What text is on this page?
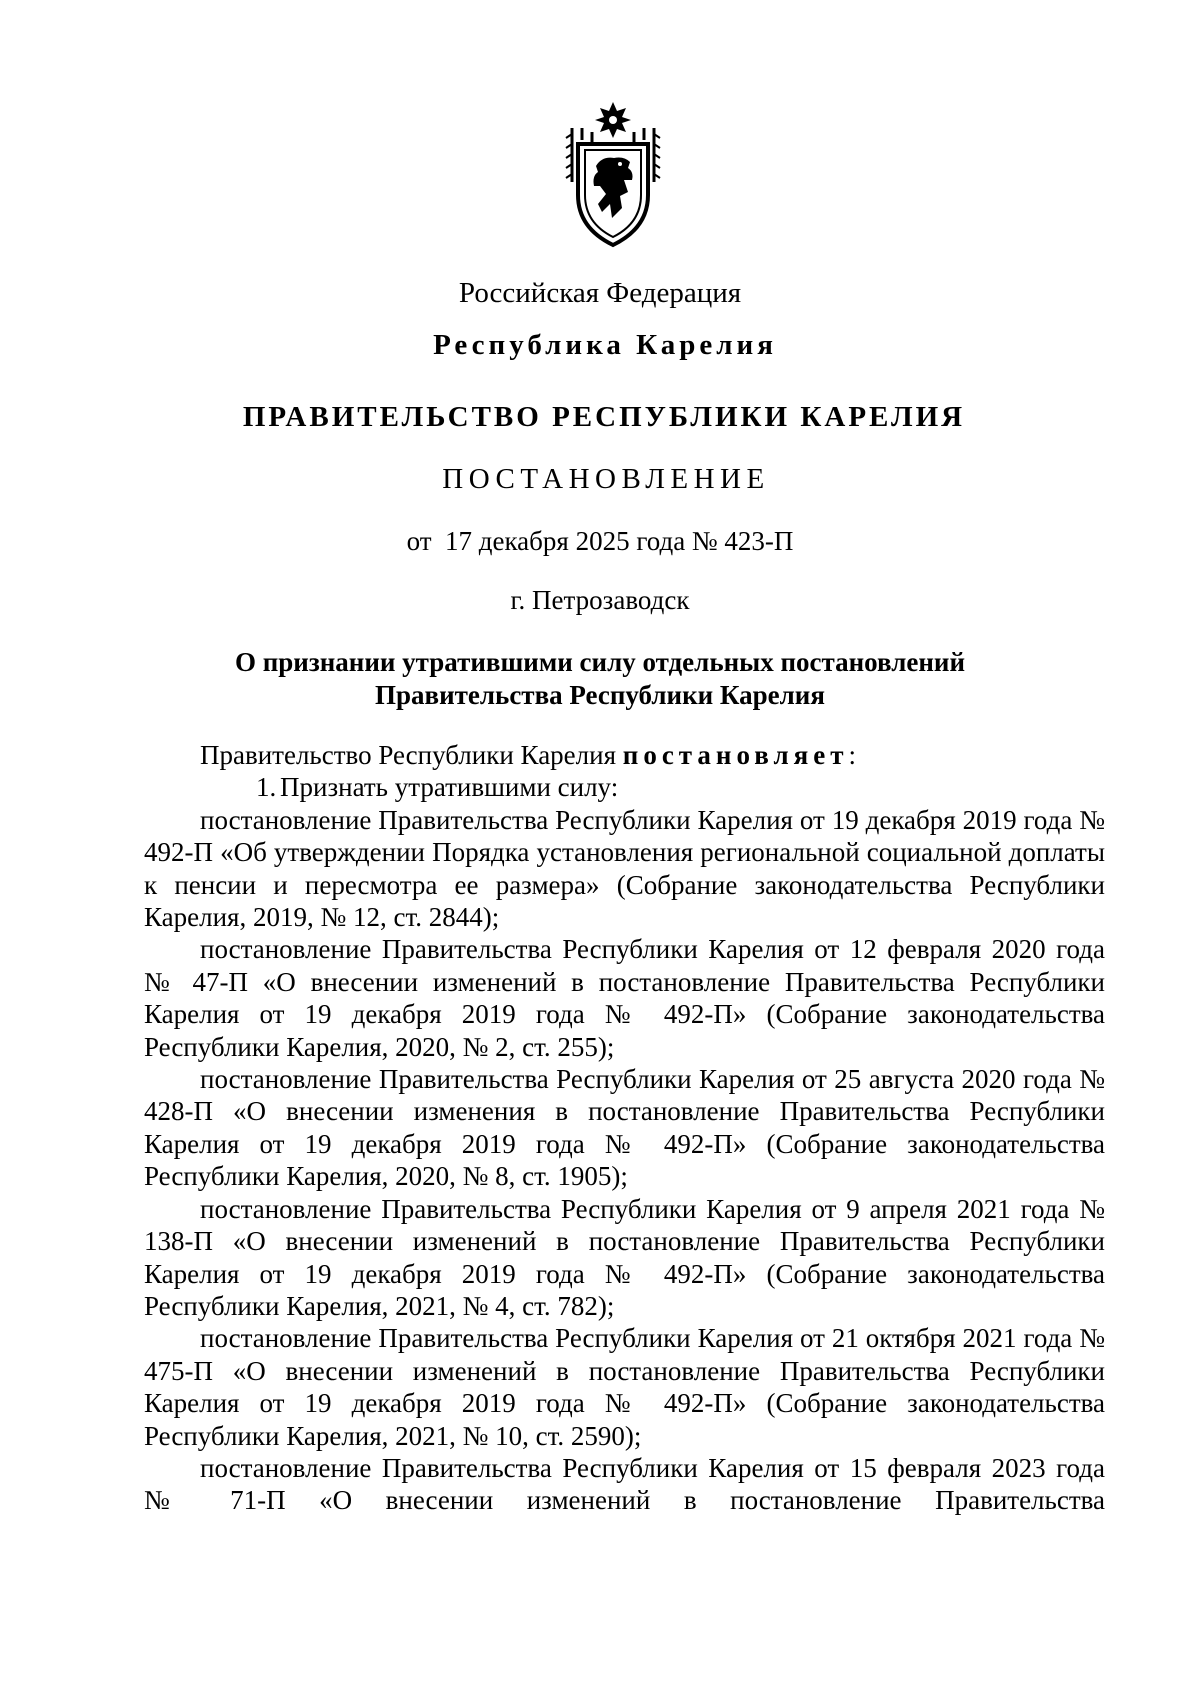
Российская Федерация
Республика Карелия
ПРАВИТЕЛЬСТВО РЕСПУБЛИКИ КАРЕЛИЯ
ПОСТАНОВЛЕНИЕ
от  17 декабря 2025 года № 423-П
г. Петрозаводск
О признании утратившими силу отдельных постановлений
Правительства Республики Карелия

Правительство Республики Карелия постановляет:

1. Признать утратившими силу:

постановление Правительства Республики Карелия от 19 декабря 2019 года № 492-П «Об утверждении Порядка установления региональной социальной доплаты к пенсии и пересмотра ее размера» (Собрание законодательства Республики Карелия, 2019, № 12, ст. 2844);

постановление Правительства Республики Карелия от 12 февраля 2020 года № 47-П «О внесении изменений в постановление Правительства Республики Карелия от 19 декабря 2019 года № 492-П» (Собрание законодательства Республики Карелия, 2020, № 2, ст. 255);

постановление Правительства Республики Карелия от 25 августа 2020 года № 428-П «О внесении изменения в постановление Правительства Республики Карелия от 19 декабря 2019 года № 492-П» (Собрание законодательства Республики Карелия, 2020, № 8, ст. 1905);

постановление Правительства Республики Карелия от 9 апреля 2021 года № 138-П «О внесении изменений в постановление Правительства Республики Карелия от 19 декабря 2019 года № 492-П» (Собрание законодательства Республики Карелия, 2021, № 4, ст. 782);

постановление Правительства Республики Карелия от 21 октября 2021 года № 475-П «О внесении изменений в постановление Правительства Республики Карелия от 19 декабря 2019 года № 492-П» (Собрание законодательства Республики Карелия, 2021, № 10, ст. 2590);

постановление Правительства Республики Карелия от 15 февраля 2023 года № 71-П «О внесении изменений в постановление Правительства
